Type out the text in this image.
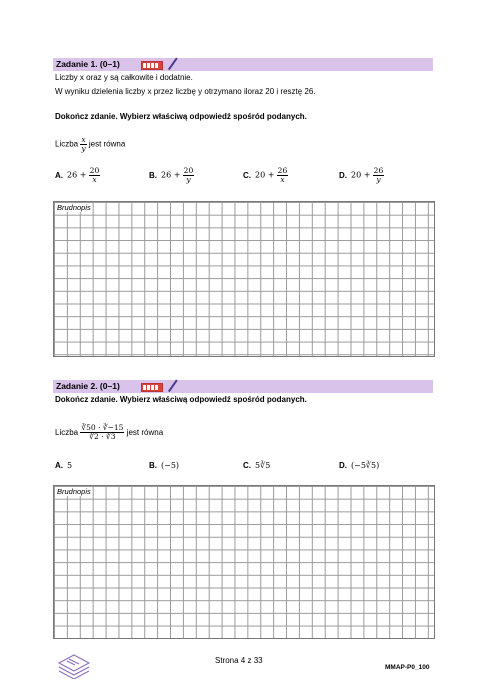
Zadanie 1. (0–1)
Liczby x oraz y są całkowite i dodatnie.
W wyniku dzielenia liczby x przez liczbę y otrzymano iloraz 20 i resztę 26.
Dokończ zdanie. Wybierz właściwą odpowiedź spośród podanych.
Liczba $\frac{x}{y}$ jest równa
A. $26 + \frac{20}{x}$	B. $26 + \frac{20}{y}$	C. $20 + \frac{26}{x}$	D. $20 + \frac{26}{y}$
Brudnopis
Zadanie 2. (0–1)
Dokończ zdanie. Wybierz właściwą odpowiedź spośród podanych.
Liczba $\frac{∛50 \cdot ∛-15}{∛2 \cdot ∛3}$ jest równa
A. 5	B. (−5)	C. 5∛5	D. (−5∛5)
Brudnopis
Strona 4 z 33
MMAP-P0_100
